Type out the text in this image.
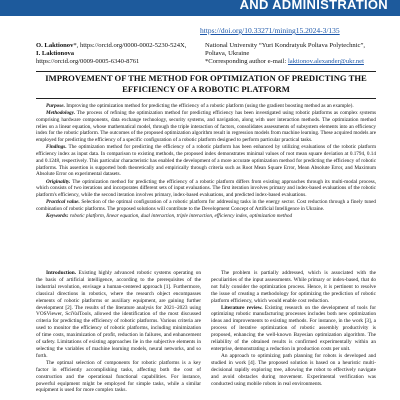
AND ADMINISTRATION
https://doi.org/10.33271/mining15.2024-3/135
O. Laktionov*, https://orcid.org/0000-0002-5230-524X,
I. Laktionova
https://orcid.org/0009-0005-6340-8761
National University “Yuri Kondratyuk Poltava Polytechnic”, Poltava, Ukraine
*Corresponding author e-mail: laktionov.alexander@ukr.net
IMPROVEMENT OF THE METHOD FOR OPTIMIZATION OF PREDICTING THE EFFICIENCY OF A ROBOTIC PLATFORM

Purpose. Improving the optimization method for predicting the efficiency of a robotic platform (using the gradient boosting method as an example).

Methodology. The process of refining the optimization method for predicting efficiency has been investigated using robotic platforms as complex systems comprising hardware components, data exchange technology, security systems, and navigation, along with user interaction methods. The optimization method relies on a linear equation, whose mathematical model, through the triple interaction of factors, consolidates assessments of subsystem elements into an efficiency index for the robotic platform. The outcomes of the proposed optimization algorithm result in regression models from machine learning. These acquired models are employed for predicting the efficiency of a specific configuration of a robotic platform designed to perform particular practical tasks.

Findings. The optimization method for predicting the efficiency of a robotic platform has been enhanced by utilizing evaluations of the robotic platform efficiency index as input data. In comparison to existing methods, the proposed index demonstrates minimal values of root mean square deviation at 0.1794, 0.14 and 0.1248, respectively. This particular characteristic has enabled the development of a more accurate optimization method for predicting the efficiency of robotic platforms. This assertion is supported both theoretically and empirically through criteria such as Root Mean Square Error, Mean Absolute Error, and Maximum Absolute Error on experimental datasets.

Originality. The optimization method for predicting the efficiency of a robotic platform differs from existing approaches through its multi-modal process, which consists of two iterations and incorporates different sets of input evaluations. The first iteration involves primary and index-based evaluations of the robotic platform's efficiency, while the second iteration involves primary, index-based evaluations, and predicted index-based evaluations.

Practical value. Selection of the optimal configuration of a robotic platform for addressing tasks in the energy sector. Cost reduction through a finely tuned combination of robotic platforms. The proposed solutions will contribute to the Development Concept of Artificial Intelligence in Ukraine.

Keywords: robotic platform, linear equation, dual interaction, triple interaction, efficiency index, optimization method

Introduction. Existing highly advanced robotic systems operating on the basis of artificial intelligence, according to the prerequisites of the industrial revolution, envisage a human-centered approach [1]. Furthermore, classical directions in robotics, where the research object encompasses elements of robotic platforms or auxiliary equipment, are gaining further development [2]. The results of the literature analysis for 2021–2023 using VOSViewer, SciValTools, allowed the identification of the most discussed criteria for predicting the efficiency of robotic platforms. Various criteria are used to monitor the efficiency of robotic platforms, including minimization of time costs, maximization of profit, reduction in failures, and enhancement of safety. Limitations of existing approaches lie in the subjective elements in selecting the variables of machine learning models, neural networks, and so forth.

The optimal selection of components for robotic platforms is a key factor in efficiently accomplishing tasks, affecting both the cost of construction and the operational functional capabilities. For instance, powerful equipment might be employed for simple tasks, while a similar equipment is used for more complex tasks.

The problem is partially addressed, which is associated with the peculiarities of the input assessments. While primary or index-based, that do not fully consider the optimization process. Hence, it is pertinent to resolve the issue of creating a methodology for optimizing the prediction of robotic platform efficiency, which would enable cost reduction.

Literature review. Existing research on the development of tools for optimizing robotic manufacturing processes includes both new optimization ideas and improvements to existing methods. For instance, in the work [3], a process of iterative optimization of robotic assembly productivity is proposed, enhancing the well-known Bayesian optimization algorithm. The reliability of the obtained results is confirmed experimentally within an enterprise, demonstrating a reduction in production costs per unit.

An approach to optimizing path planning for robots is developed and studied in work [4]. The proposed solution is based on a heuristic multi-decisional rapidly exploring tree, allowing the robot to effectively navigate and avoid obstacles during movement. Experimental verification was conducted using mobile robots in real environments.
